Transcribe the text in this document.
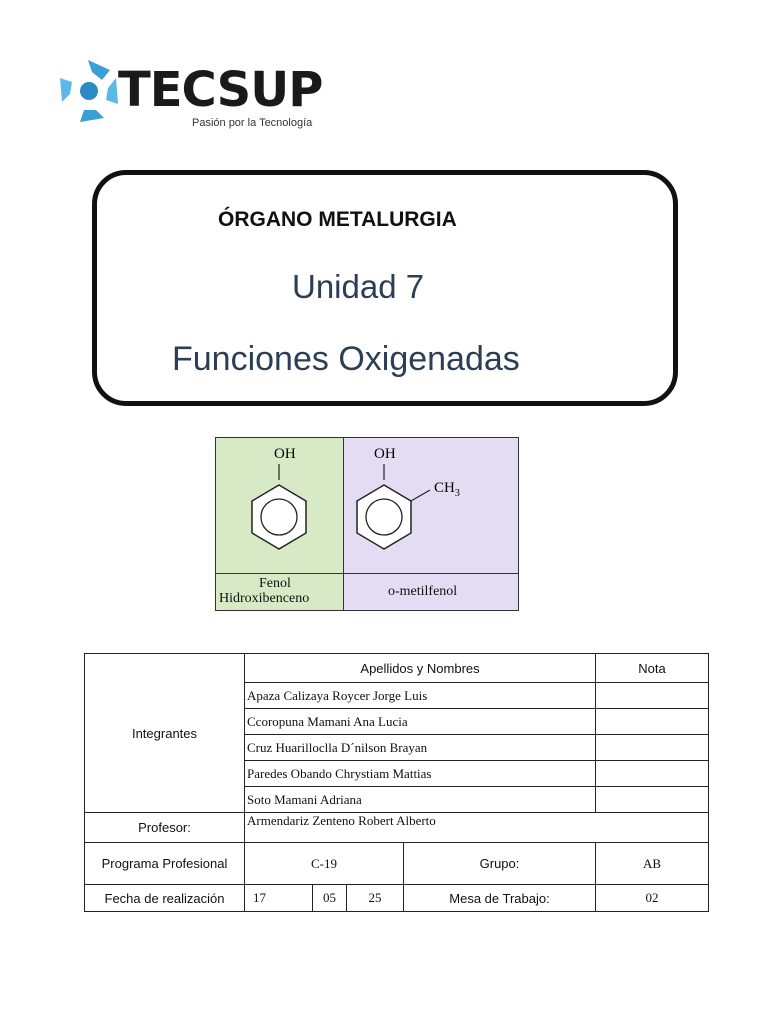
TECSUP
Pasión por la Tecnología
ÓRGANO METALURGIA
Unidad 7
Funciones Oxigenadas
OH	OH
$CH_3$
Fenol
Hidroxibenceno	o-metilfenol
Integrantes	Apellidos y Nombres				Nota
	Apaza Calizaya Roycer Jorge Luis				
	Ccoropuna Mamani Ana Lucia				
	Cruz Huarilloclla D´nilson Brayan				
	Paredes Obando Chrystiam Mattias				
	Soto Mamani Adriana				
Profesor:	Armendariz Zenteno Robert Alberto				
Programa Profesional	C-19			Grupo:	AB
Fecha de realización	17	05	25	Mesa de Trabajo:	02
